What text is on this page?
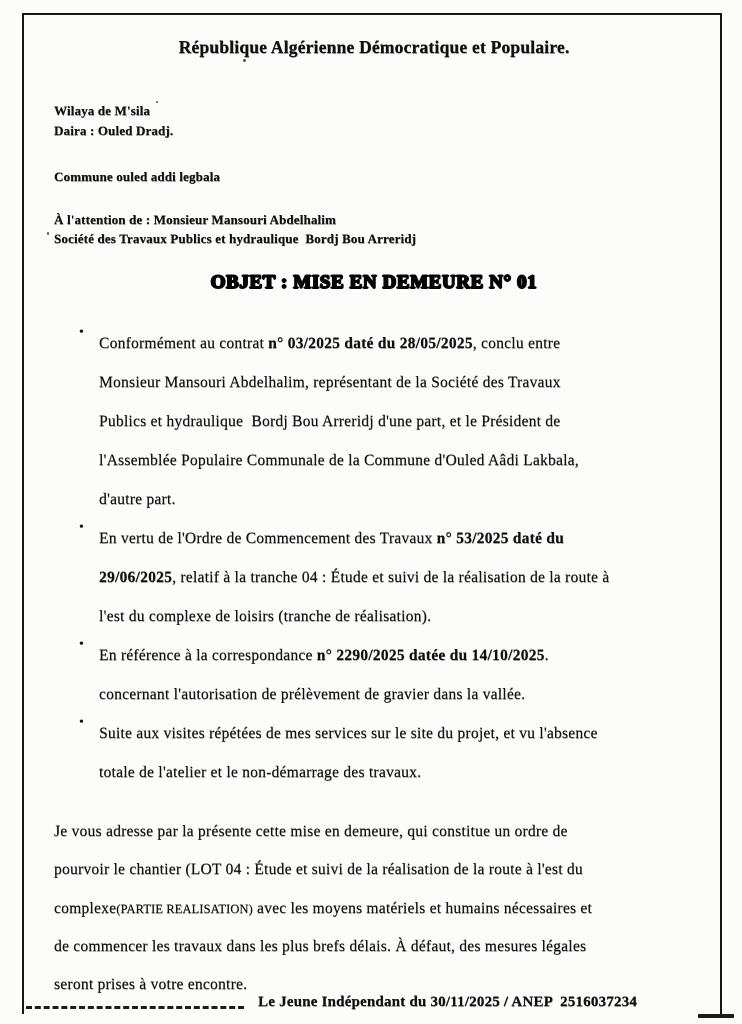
République Algérienne Démocratique et Populaire.
Wilaya de M'sila
Daira : Ouled Dradj.
Commune ouled addi legbala
À l'attention de : Monsieur Mansouri Abdelhalim
Société des Travaux Publics et hydraulique  Bordj Bou Arreridj
OBJET : MISE EN DEMEURE N° 01
• Conformément au contrat n° 03/2025 daté du 28/05/2025, conclu entre
Monsieur Mansouri Abdelhalim, représentant de la Société des Travaux
Publics et hydraulique  Bordj Bou Arreridj d'une part, et le Président de
l'Assemblée Populaire Communale de la Commune d'Ouled Aâdi Lakbala,
d'autre part.
• En vertu de l'Ordre de Commencement des Travaux n° 53/2025 daté du
29/06/2025, relatif à la tranche 04 : Étude et suivi de la réalisation de la route à
l'est du complexe de loisirs (tranche de réalisation).
• En référence à la correspondance n° 2290/2025 datée du 14/10/2025.
concernant l'autorisation de prélèvement de gravier dans la vallée.
• Suite aux visites répétées de mes services sur le site du projet, et vu l'absence
totale de l'atelier et le non-démarrage des travaux.
Je vous adresse par la présente cette mise en demeure, qui constitue un ordre de
pourvoir le chantier (LOT 04 : Étude et suivi de la réalisation de la route à l'est du
complexe(PARTIE REALISATION) avec les moyens matériels et humains nécessaires et
de commencer les travaux dans les plus brefs délais. À défaut, des mesures légales
seront prises à votre encontre.
Le Jeune Indépendant du 30/11/2025 / ANEP  2516037234
